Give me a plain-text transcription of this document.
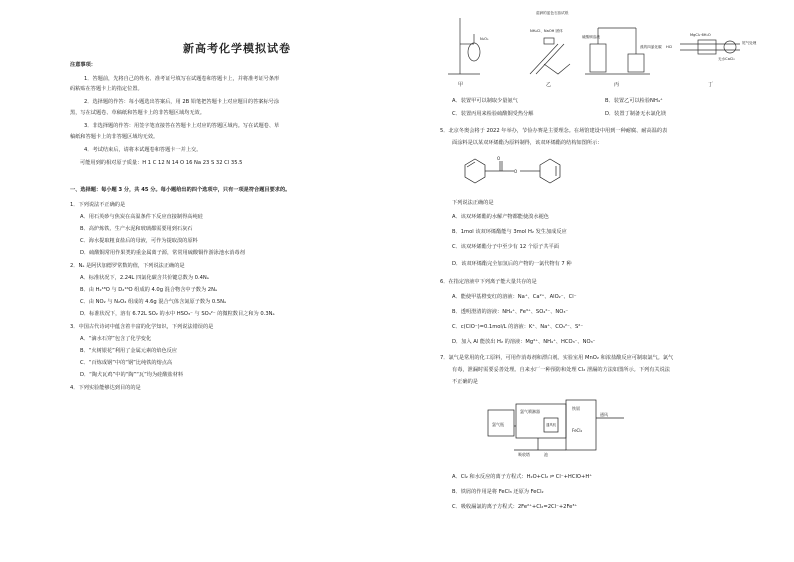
新高考化学模拟试卷
注意事项：
1．答题前，先将自己的姓名、准考证号填写在试题卷和答题卡上，并将准考证号条形
码粘贴在答题卡上的指定位置。
2．选择题的作答：每小题选出答案后，用 2B 铅笔把答题卡上对应题目的答案标号涂
黑，写在试题卷、草稿纸和答题卡上的非答题区域均无效。
3．非选择题的作答：用签字笔直接答在答题卡上对应的答题区域内。写在试题卷、草
稿纸和答题卡上的非答题区域均无效。
4．考试结束后，请将本试题卷和答题卡一并上交。
可能用到的相对原子质量：H 1 C 12 N 14 O 16 Na 23 S 32 Cl 35.5
一、选择题：每小题 3 分，共 45 分。每小题给出的四个选项中，只有一项是符合题目要求的。
1．下列说法不正确的是
A．用石英砂与焦炭在高温条件下反应直接制得高纯硅
B．高炉炼铁、生产水泥和玻璃都需要用到石灰石
C．海水提取粗食盐后的母液，可作为提取溴的原料
D．硫酸铜常用作果类的重金属离子源，常常用硫酸铜作游泳池水消毒剂
2．Nₐ 是阿伏加德罗常数的值，下列说法正确的是
A．标准状况下，2.24L 四氯化碳含共价键总数为 0.4Nₐ
B．由 H₂¹⁸O 与 D₂¹⁶O 组成的 4.0g 混合物含中子数为 2Nₐ
C．由 NO₂ 与 N₂O₄ 组成的 4.6g 混合气体含氮原子数为 0.5Nₐ
D．标准状况下，溶有 6.72L SO₂ 的水中 HSO₃⁻ 与 SO₃²⁻ 的微粒数目之和为 0.3Nₐ
3．中国古代诗词中蕴含着丰富的化学知识，下列说法错误的是
A．“滴水石穿”包含了化学变化
B．“火树银花”利用了金属元素的焰色反应
C．“百炼成钢”中的“钢”比纯铁的熔点高
D．“陶犬瓦鸡”中的“陶”“瓦”均为硅酸盐材料
4．下列实验能够达到目的的是
甲	乙	丙	丁
湿润的蓝色石蕊试纸
NH₄Cl、NaOH 固体
硫酸铜溶液
溴的四氯化碳
MgCl₂·6H₂O
HCl
无水CaCl₂
尾气处理
N₂O₅
A．装置甲可以制取少量氨气	B．装置乙可以检验NH₄⁺
C．装置丙用来检验硫酸铜受热分解	D．装置丁制备无水氯化镁
5．北京冬奥会将于 2022 年举办，节俭办赛是主要理念。在场馆建设中用到一种耐腐、耐高温的表
面涂料是以某双环烯酯为原料制得，该双环烯酯的结构如图所示：
O
O
下列说法正确的是
A．该双环烯酯的水解产物都能使溴水褪色
B．1mol 该双环烯酯能与 3mol H₂ 发生加成反应
C．该双环烯酯分子中至少有 12 个原子共平面
D．该双环烯酯完全加氢后的产物的一氯代物有 7 种
6．在指定溶液中下列离子能大量共存的是
A．能使甲基橙变红的溶液：Na⁺、Ca²⁺、AlO₂⁻、Cl⁻
B．透明澄清的溶液：NH₄⁺、Fe³⁺、SO₄²⁻、NO₃⁻
C．c(ClO⁻)=0.1mol/L 的溶液：K⁺、Na⁺、CO₃²⁻、S²⁻
D．加入 Al 能放出 H₂ 的溶液：Mg²⁺、NH₄⁺、HCO₃⁻、NO₃⁻
7．氯气是常用的化工原料，可用作消毒剂和漂白剂。实验室用 MnO₂ 和浓盐酸反应可制取氯气。氯气
有毒，泄漏时需要妥善处理。自来水厂一种预防和处理 Cl₂ 泄漏的方法如图所示。下列有关说法
不正确的是
氯气瓶
氯气喷淋器
铁屑
通风
FeCl₂
吸收塔	池
通风机
A．Cl₂ 和水反应的离子方程式：H₂O+Cl₂ ⇌ Cl⁻+HClO+H⁺
B．铁屑的作用是将 FeCl₃ 还原为 FeCl₂
C．吸收漏氯的离子方程式：2Fe²⁺+Cl₂=2Cl⁻+2Fe³⁺
